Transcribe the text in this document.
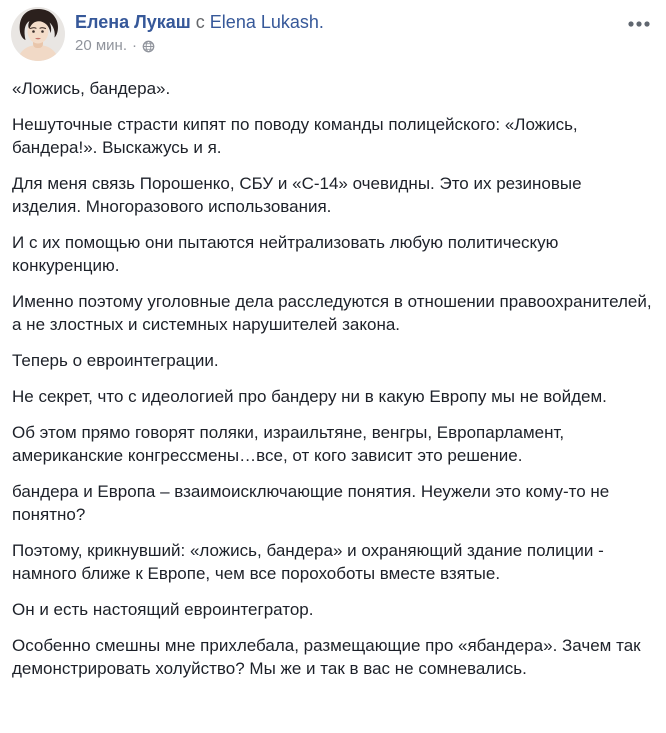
Елена Лукаш с Elena Lukash.
20 мин. ·

«Ложись, бандера».

Нешуточные страсти кипят по поводу команды полицейского: «Ложись, бандера!». Выскажусь и я.

Для меня связь Порошенко, СБУ и «С-14» очевидны. Это их резиновые изделия. Многоразового использования.

И с их помощью они пытаются нейтрализовать любую политическую конкуренцию.

Именно поэтому уголовные дела расследуются в отношении правоохранителей, а не злостных и системных нарушителей закона.

Теперь о евроинтеграции.

Не секрет, что с идеологией про бандеру ни в какую Европу мы не войдем.

Об этом прямо говорят поляки, израильтяне, венгры, Европарламент, американские конгрессмены…все, от кого зависит это решение.

бандера и Европа – взаимоисключающие понятия. Неужели это кому-то не понятно?

Поэтому, крикнувший: «ложись, бандера» и охраняющий здание полиции - намного ближе к Европе, чем все порохоботы вместе взятые.

Он и есть настоящий евроинтегратор.

Особенно смешны мне прихлебала, размещающие про «ябандера». Зачем так демонстрировать холуйство? Мы же и так в вас не сомневались.
